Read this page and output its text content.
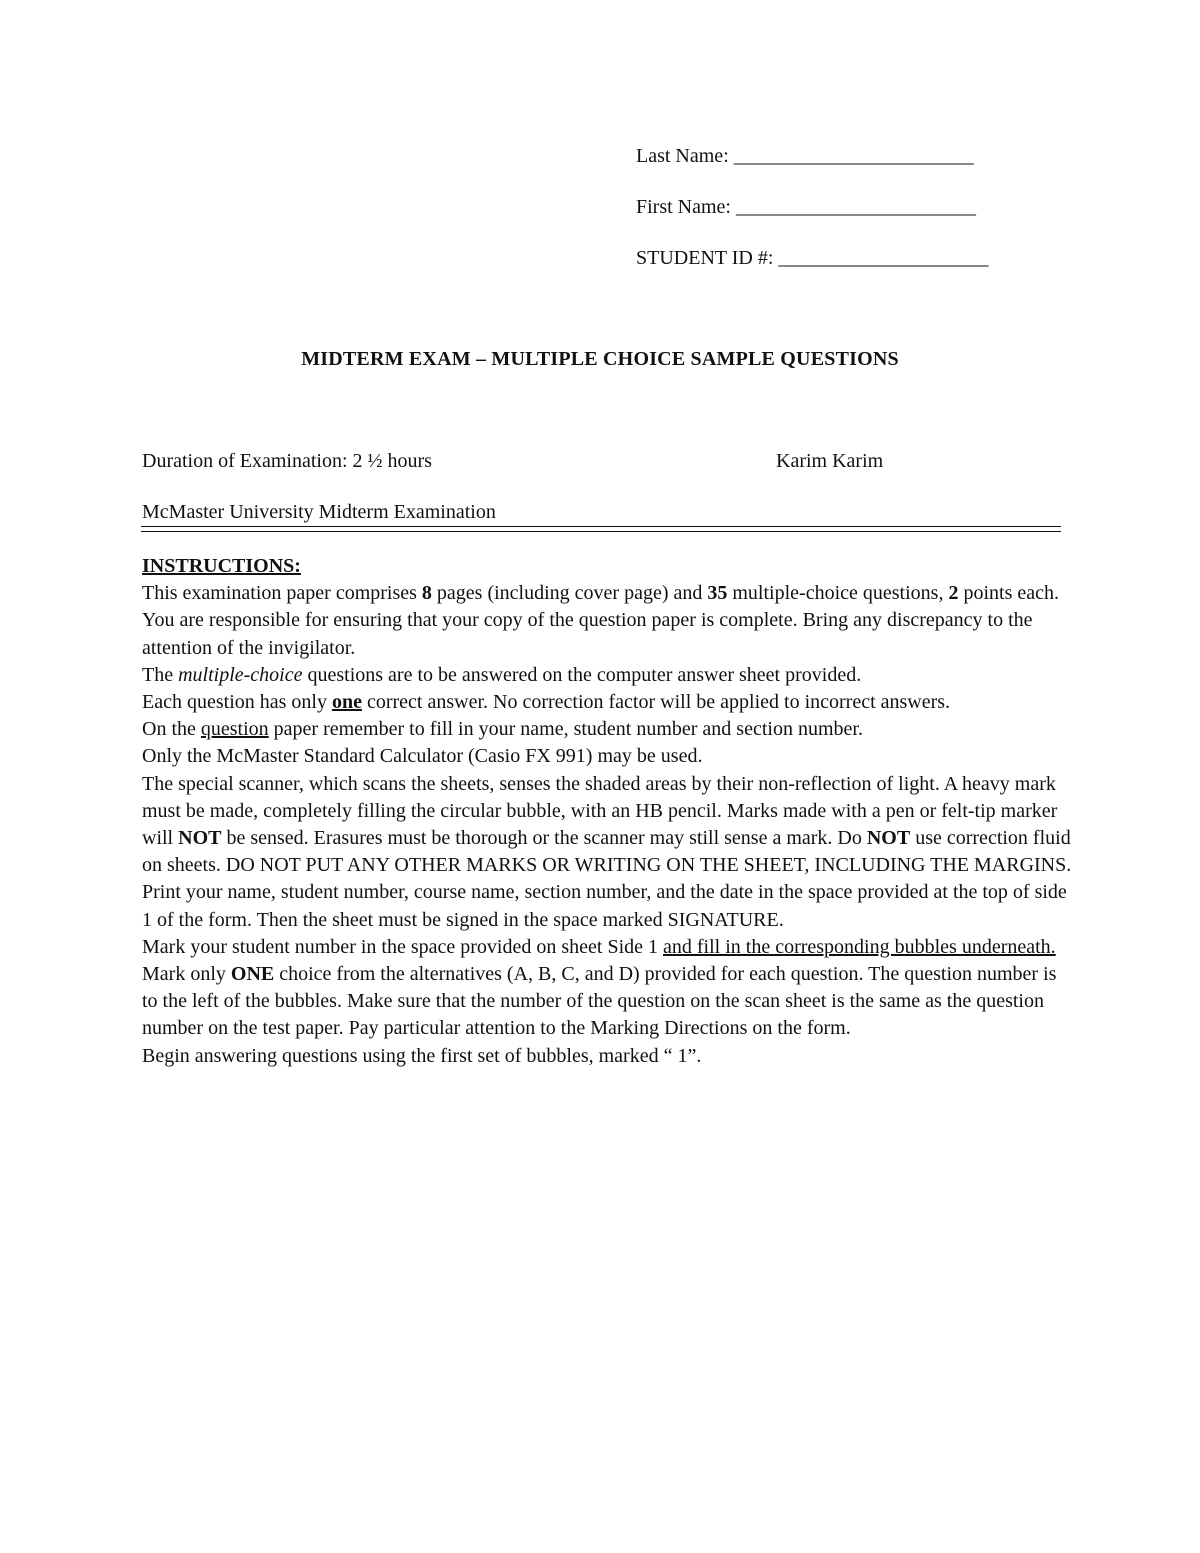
Last Name: ________________________
First Name: ________________________
STUDENT ID #: _____________________
MIDTERM EXAM – MULTIPLE CHOICE SAMPLE QUESTIONS
Duration of Examination: 2 ½ hours	Karim Karim
McMaster University Midterm Examination

INSTRUCTIONS:

This examination paper comprises 8 pages (including cover page) and 35 multiple-choice questions, 2 points each. You are responsible for ensuring that your copy of the question paper is complete. Bring any discrepancy to the attention of the invigilator.

The multiple-choice questions are to be answered on the computer answer sheet provided.

Each question has only one correct answer. No correction factor will be applied to incorrect answers.

On the question paper remember to fill in your name, student number and section number.

Only the McMaster Standard Calculator (Casio FX 991) may be used.

The special scanner, which scans the sheets, senses the shaded areas by their non-reflection of light. A heavy mark must be made, completely filling the circular bubble, with an HB pencil. Marks made with a pen or felt-tip marker will NOT be sensed. Erasures must be thorough or the scanner may still sense a mark. Do NOT use correction fluid on sheets. DO NOT PUT ANY OTHER MARKS OR WRITING ON THE SHEET, INCLUDING THE MARGINS.

Print your name, student number, course name, section number, and the date in the space provided at the top of side 1 of the form. Then the sheet must be signed in the space marked SIGNATURE.

Mark your student number in the space provided on sheet Side 1 and fill in the corresponding bubbles underneath.

Mark only ONE choice from the alternatives (A, B, C, and D) provided for each question. The question number is to the left of the bubbles. Make sure that the number of the question on the scan sheet is the same as the question number on the test paper. Pay particular attention to the Marking Directions on the form.

Begin answering questions using the first set of bubbles, marked “ 1”.
